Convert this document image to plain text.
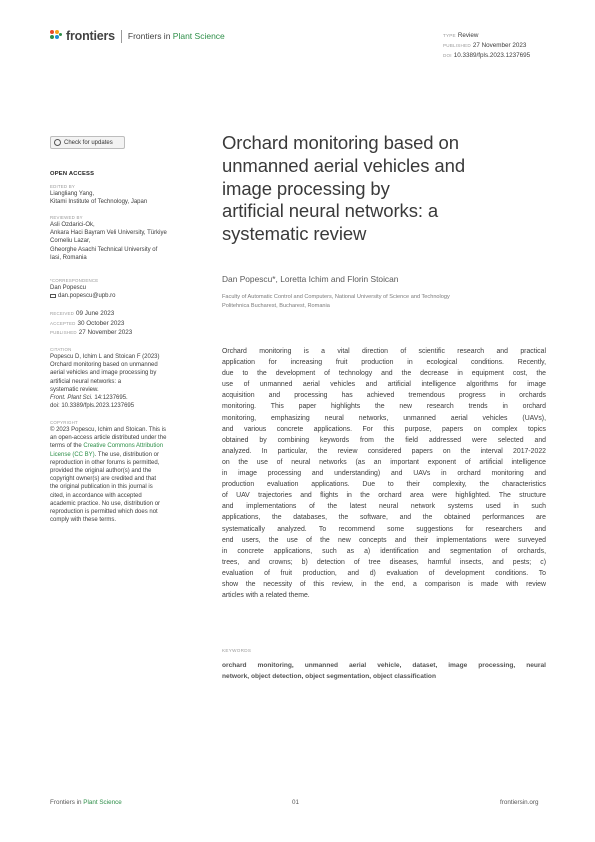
frontiers Frontiers in Plant Science	TYPE Review
PUBLISHED 27 November 2023
DOI 10.3389/fpls.2023.1237695
Check for updates
OPEN ACCESS
EDITED BY
Liangliang Yang,
Kitami Institute of Technology, Japan
REVIEWED BY
Asli Ozdarici-Ok,
Ankara Haci Bayram Veli University, Türkiye
Corneliu Lazar,
Gheorghe Asachi Technical University of
Iasi, Romania
*CORRESPONDENCE
Dan Popescu
dan.popescu@upb.ro
RECEIVED 09 June 2023
ACCEPTED 30 October 2023
PUBLISHED 27 November 2023
CITATION
Popescu D, Ichim L and Stoican F (2023)
Orchard monitoring based on unmanned
aerial vehicles and image processing by
artificial neural networks: a
systematic review.
Front. Plant Sci. 14:1237695.
doi: 10.3389/fpls.2023.1237695
COPYRIGHT
© 2023 Popescu, Ichim and Stoican. This is
an open-access article distributed under the
terms of the Creative Commons Attribution
License (CC BY). The use, distribution or
reproduction in other forums is permitted,
provided the original author(s) and the
copyright owner(s) are credited and that
the original publication in this journal is
cited, in accordance with accepted
academic practice. No use, distribution or
reproduction is permitted which does not
comply with these terms.
Orchard monitoring based on
unmanned aerial vehicles and
image processing by
artificial neural networks: a
systematic review
Dan Popescu*, Loretta Ichim and Florin Stoican
Faculty of Automatic Control and Computers, National University of Science and Technology
Politehnica Bucharest, Bucharest, Romania
Orchard monitoring is a vital direction of scientific research and practical
application for increasing fruit production in ecological conditions. Recently,
due to the development of technology and the decrease in equipment cost, the
use of unmanned aerial vehicles and artificial intelligence algorithms for image
acquisition and processing has achieved tremendous progress in orchards
monitoring. This paper highlights the new research trends in orchard
monitoring, emphasizing neural networks, unmanned aerial vehicles (UAVs),
and various concrete applications. For this purpose, papers on complex topics
obtained by combining keywords from the field addressed were selected and
analyzed. In particular, the review considered papers on the interval 2017-2022
on the use of neural networks (as an important exponent of artificial intelligence
in image processing and understanding) and UAVs in orchard monitoring and
production evaluation applications. Due to their complexity, the characteristics
of UAV trajectories and flights in the orchard area were highlighted. The structure
and implementations of the latest neural network systems used in such
applications, the databases, the software, and the obtained performances are
systematically analyzed. To recommend some suggestions for researchers and
end users, the use of the new concepts and their implementations were surveyed
in concrete applications, such as a) identification and segmentation of orchards,
trees, and crowns; b) detection of tree diseases, harmful insects, and pests; c)
evaluation of fruit production, and d) evaluation of development conditions. To
show the necessity of this review, in the end, a comparison is made with review
articles with a related theme.
KEYWORDS
orchard monitoring, unmanned aerial vehicle, dataset, image processing, neural
network, object detection, object segmentation, object classification
Frontiers in Plant Science	01	frontiersin.org
